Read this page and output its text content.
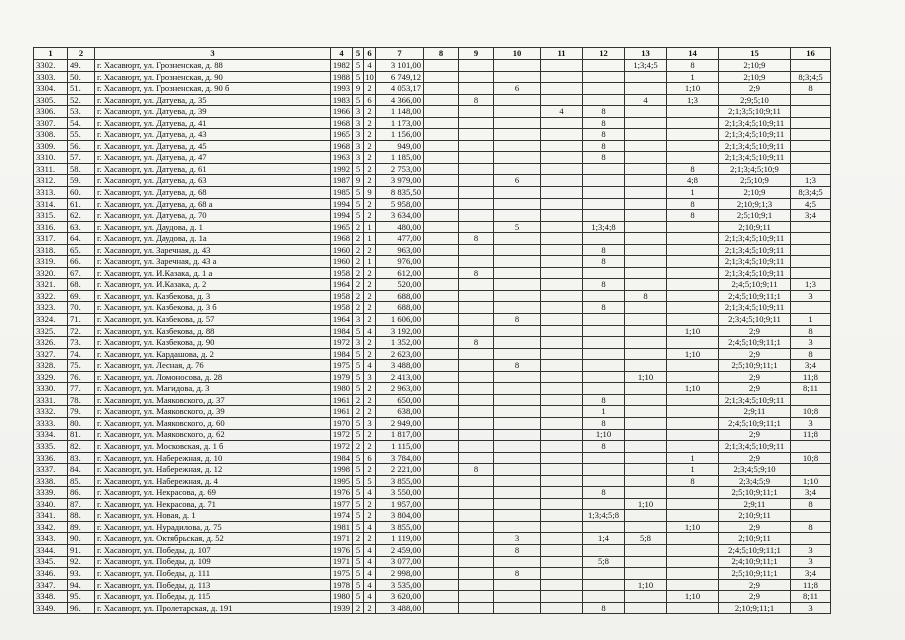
1	2	3	4	5	6	7	8	9	10	11	12	13	14	15	16
3302.	49.	г. Хасавюрт, ул. Грозненская, д. 88	1982	5	4	3 101,00						1;3;4;5	8	2;10;9	
3303.	50.	г. Хасавюрт, ул. Грозненская, д. 90	1988	5	10	6 749,12							1	2;10;9	8;3;4;5
3304.	51.	г. Хасавюрт, ул. Грозненская, д. 90 б	1993	9	2	4 053,17			6				1;10	2;9	8
3305.	52.	г. Хасавюрт, ул. Датуева, д. 35	1983	5	6	4 366,00		8				4	1;3	2;9;5;10	
3306.	53.	г. Хасавюрт, ул. Датуева, д. 39	1966	3	2	1 148,00				4	8			2;1;3;5;10;9;11	
3307.	54.	г. Хасавюрт, ул. Датуева, д. 41	1968	3	2	1 173,00					8			2;1;3;4;5;10;9;11	
3308.	55.	г. Хасавюрт, ул. Датуева, д. 43	1965	3	2	1 156,00					8			2;1;3;4;5;10;9;11	
3309.	56.	г. Хасавюрт, ул. Датуева, д. 45	1968	3	2	949,00					8			2;1;3;4;5;10;9;11	
3310.	57.	г. Хасавюрт, ул. Датуева, д. 47	1963	3	2	1 185,00					8			2;1;3;4;5;10;9;11	
3311.	58.	г. Хасавюрт, ул. Датуева, д. 61	1992	5	2	2 753,00							8	2;1;3;4;5;10;9	
3312.	59.	г. Хасавюрт, ул. Датуева, д. 63	1987	9	2	3 979,00			6				4;8	2;5;10;9	1;3
3313.	60.	г. Хасавюрт, ул. Датуева, д. 68	1985	5	9	8 835,50							1	2;10;9	8;3;4;5
3314.	61.	г. Хасавюрт, ул. Датуева, д. 68 а	1994	5	2	5 958,00							8	2;10;9;1;3	4;5
3315.	62.	г. Хасавюрт, ул. Датуева, д. 70	1994	5	2	3 634,00							8	2;5;10;9;1	3;4
3316.	63.	г. Хасавюрт, ул. Даудова, д. 1	1965	2	1	480,00			5		1;3;4;8			2;10;9;11	
3317.	64.	г. Хасавюрт, ул. Даудова, д. 1а	1968	2	1	477,00		8						2;1;3;4;5;10;9;11	
3318.	65.	г. Хасавюрт, ул. Заречная, д. 43	1960	2	2	963,00					8			2;1;3;4;5;10;9;11	
3319.	66.	г. Хасавюрт, ул. Заречная, д. 43 а	1960	2	1	976,00					8			2;1;3;4;5;10;9;11	
3320.	67.	г. Хасавюрт, ул. И.Казака, д. 1 а	1958	2	2	612,00		8						2;1;3;4;5;10;9;11	
3321.	68.	г. Хасавюрт, ул. И.Казака, д. 2	1964	2	2	520,00					8			2;4;5;10;9;11	1;3
3322.	69.	г. Хасавюрт, ул. Казбекова, д. 3	1958	2	2	688,00						8		2;4;5;10;9;11;1	3
3323.	70.	г. Хасавюрт, ул. Казбекова, д. 3 б	1958	2	2	688,00					8			2;1;3;4;5;10;9;11	
3324.	71.	г. Хасавюрт, ул. Казбекова, д. 57	1964	3	2	1 606,00			8					2;3;4;5;10;9;11	1
3325.	72.	г. Хасавюрт, ул. Казбекова, д. 88	1984	5	4	3 192,00							1;10	2;9	8
3326.	73.	г. Хасавюрт, ул. Казбекова, д. 90	1972	3	2	1 352,00		8						2;4;5;10;9;11;1	3
3327.	74.	г. Хасавюрт, ул. Кардашова, д. 2	1984	5	2	2 623,00							1;10	2;9	8
3328.	75.	г. Хасавюрт, ул. Лесная, д. 76	1975	5	4	3 488,00			8					2;5;10;9;11;1	3;4
3329.	76.	г. Хасавюрт, ул. Ломоносова, д. 28	1979	5	3	2 413,00						1;10		2;9	11;8
3330.	77.	г. Хасавюрт, ул. Магидова, д. 3	1980	5	2	2 963,00							1;10	2;9	8;11
3331.	78.	г. Хасавюрт, ул. Маяковского, д. 37	1961	2	2	650,00					8			2;1;3;4;5;10;9;11	
3332.	79.	г. Хасавюрт, ул. Маяковского, д. 39	1961	2	2	638,00					1			2;9;11	10;8
3333.	80.	г. Хасавюрт, ул. Маяковского, д. 60	1970	5	3	2 949,00					8			2;4;5;10;9;11;1	3
3334.	81.	г. Хасавюрт, ул. Маяковского, д. 62	1972	5	2	1 817,00					1;10			2;9	11;8
3335.	82.	г. Хасавюрт, ул. Московская, д. 1 б	1972	2	2	1 115,00					8			2;1;3;4;5;10;9;11	
3336.	83.	г. Хасавюрт, ул. Набережная, д. 10	1984	5	6	3 784,00							1	2;9	10;8
3337.	84.	г. Хасавюрт, ул. Набережная, д. 12	1998	5	2	2 221,00		8					1	2;3;4;5;9;10	
3338.	85.	г. Хасавюрт, ул. Набережная, д. 4	1995	5	5	3 855,00							8	2;3;4;5;9	1;10
3339.	86.	г. Хасавюрт, ул. Некрасова, д. 69	1976	5	4	3 550,00					8			2;5;10;9;11;1	3;4
3340.	87.	г. Хасавюрт, ул. Некрасова, д. 71	1977	5	2	1 957,00						1;10		2;9;11	8
3341.	88.	г. Хасавюрт, ул. Новая, д. 1	1974	5	2	3 804,00					1;3;4;5;8			2;10;9;11	
3342.	89.	г. Хасавюрт, ул. Нурадилова, д. 75	1981	5	4	3 855,00							1;10	2;9	8
3343.	90.	г. Хасавюрт, ул. Октябрьская, д. 52	1971	2	2	1 119,00			3		1;4	5;8		2;10;9;11	
3344.	91.	г. Хасавюрт, ул. Победы, д. 107	1976	5	4	2 459,00			8					2;4;5;10;9;11;1	3
3345.	92.	г. Хасавюрт, ул. Победы, д. 109	1971	5	4	3 077,00					5;8			2;4;10;9;11;1	3
3346.	93.	г. Хасавюрт, ул. Победы, д. 111	1975	5	4	2 998,00			8					2;5;10;9;11;1	3;4
3347.	94.	г. Хасавюрт, ул. Победы, д. 113	1978	5	4	3 535,00						1;10		2;9	11;8
3348.	95.	г. Хасавюрт, ул. Победы, д. 115	1980	5	4	3 620,00							1;10	2;9	8;11
3349.	96.	г. Хасавюрт, ул. Пролетарская, д. 191	1939	2	2	3 488,00					8			2;10;9;11;1	3
